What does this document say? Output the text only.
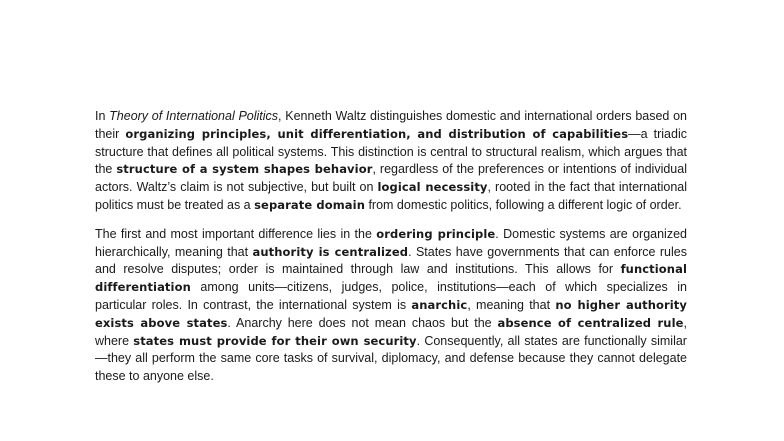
In Theory of International Politics, Kenneth Waltz distinguishes domestic and international orders based on their organizing principles, unit differentiation, and distribution of capabilities—a triadic structure that defines all political systems. This distinction is central to structural realism, which argues that the structure of a system shapes behavior, regardless of the preferences or intentions of individual actors. Waltz’s claim is not subjective, but built on logical necessity, rooted in the fact that international politics must be treated as a separate domain from domestic politics, following a different logic of order.

The first and most important difference lies in the ordering principle. Domestic systems are organized hierarchically, meaning that authority is centralized. States have governments that can enforce rules and resolve disputes; order is maintained through law and institutions. This allows for functional differentiation among units—citizens, judges, police, institutions—each of which specializes in particular roles. In contrast, the international system is anarchic, meaning that no higher authority exists above states. Anarchy here does not mean chaos but the absence of centralized rule, where states must provide for their own security. Consequently, all states are functionally similar—they all perform the same core tasks of survival, diplomacy, and defense because they cannot delegate these to anyone else.
